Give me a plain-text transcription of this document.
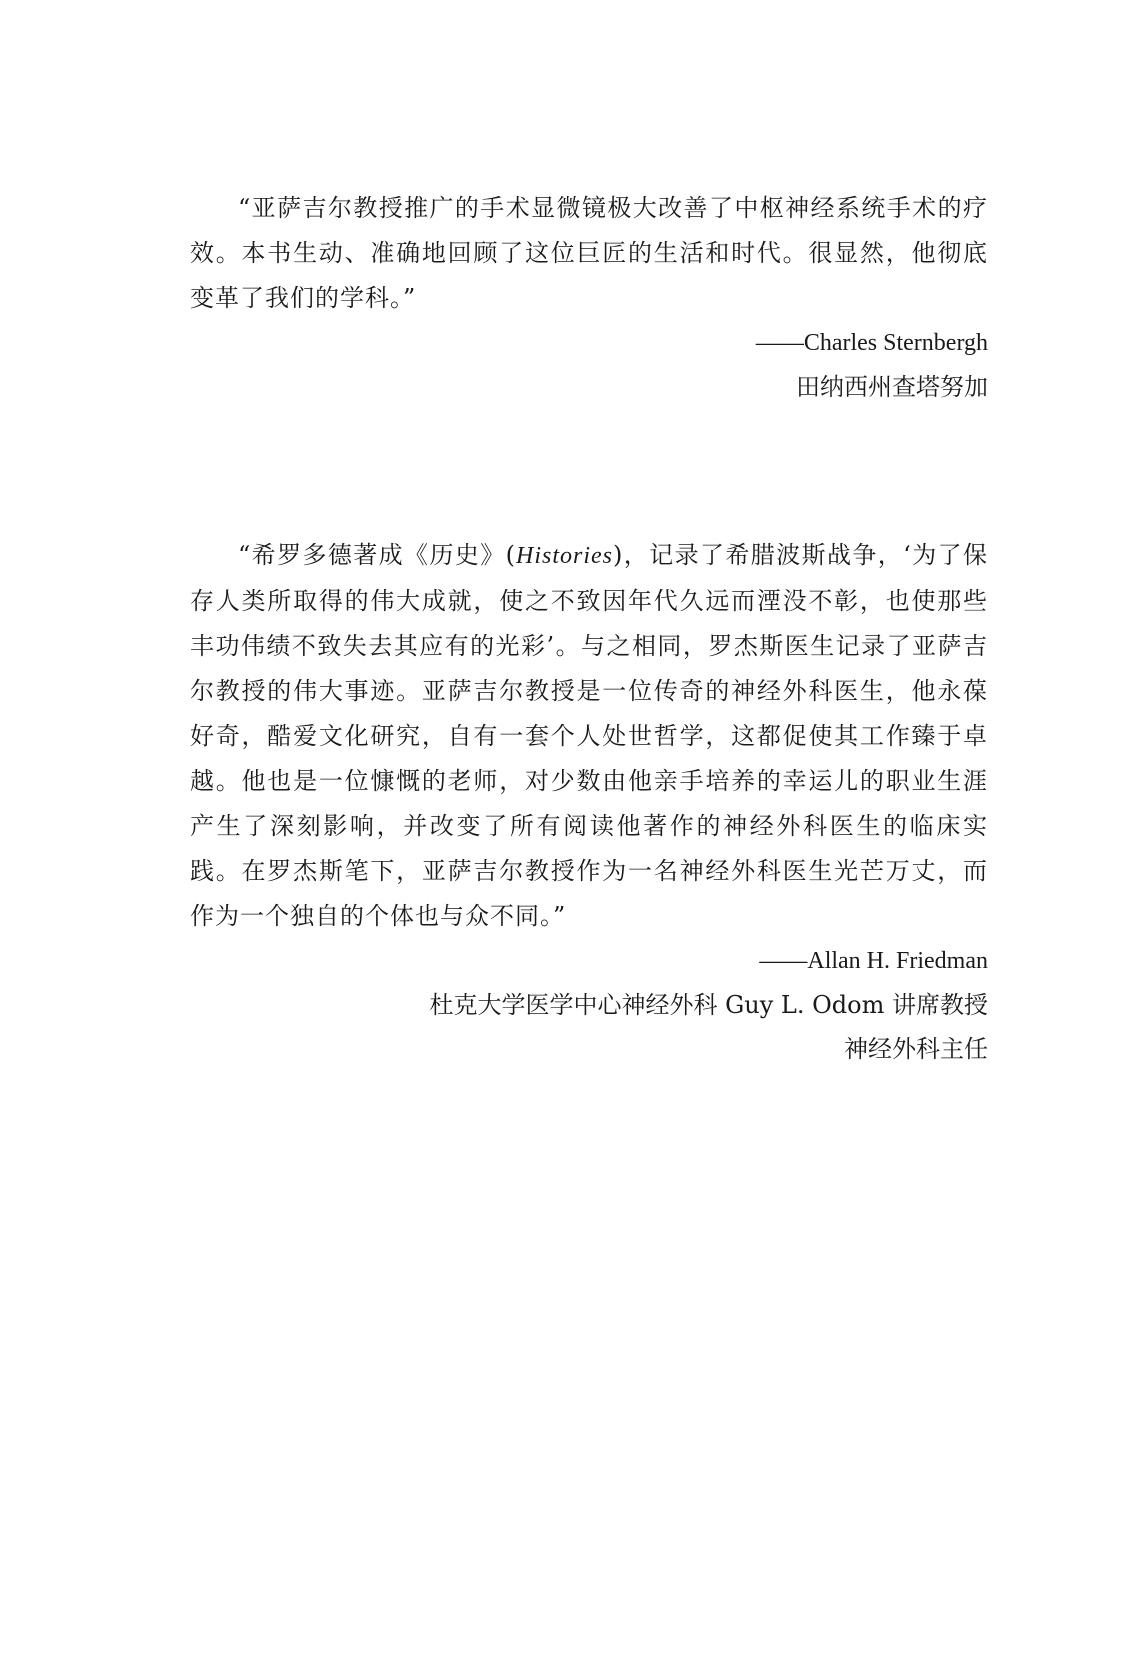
“亚萨吉尔教授推广的手术显微镜极大改善了中枢神经系统手术的疗效。本书生动、准确地回顾了这位巨匠的生活和时代。很显然，他彻底变革了我们的学科。”

——Charles Sternbergh

田纳西州查塔努加

“希罗多德著成《历史》(Histories)，记录了希腊波斯战争，‘为了保存人类所取得的伟大成就，使之不致因年代久远而湮没不彰，也使那些丰功伟绩不致失去其应有的光彩’。与之相同，罗杰斯医生记录了亚萨吉尔教授的伟大事迹。亚萨吉尔教授是一位传奇的神经外科医生，他永葆好奇，酷爱文化研究，自有一套个人处世哲学，这都促使其工作臻于卓越。他也是一位慷慨的老师，对少数由他亲手培养的幸运儿的职业生涯产生了深刻影响，并改变了所有阅读他著作的神经外科医生的临床实践。在罗杰斯笔下，亚萨吉尔教授作为一名神经外科医生光芒万丈，而作为一个独自的个体也与众不同。”

——Allan H. Friedman

杜克大学医学中心神经外科 Guy L. Odom 讲席教授

神经外科主任
